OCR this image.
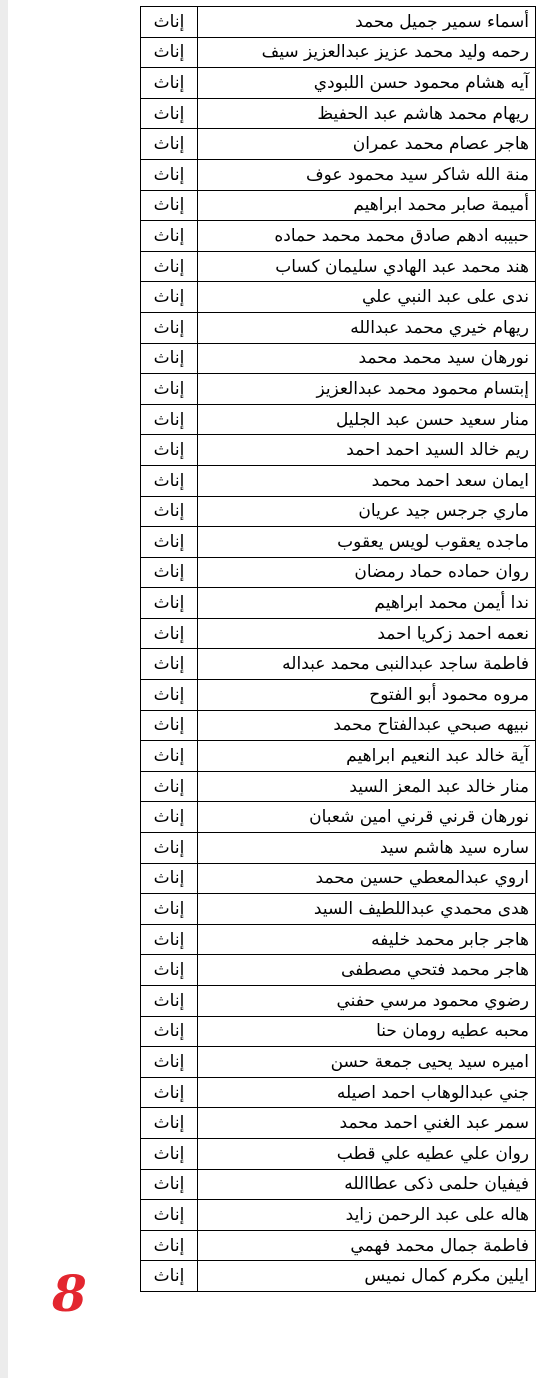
إناث	أسماء سمير جميل محمد
إناث	رحمه وليد محمد عزيز عبدالعزيز سيف
إناث	آيه هشام محمود حسن اللبودي
إناث	ريهام محمد هاشم عبد الحفيظ
إناث	هاجر عصام محمد عمران
إناث	منة الله شاكر سيد محمود عوف
إناث	أميمة صابر محمد ابراهيم
إناث	حبيبه ادهم صادق محمد محمد حماده
إناث	هند محمد عبد الهادي سليمان كساب
إناث	ندى على عبد النبي علي
إناث	ريهام خيري محمد عبدالله
إناث	نورهان سيد محمد محمد
إناث	إبتسام محمود محمد عبدالعزيز
إناث	منار سعيد حسن عبد الجليل
إناث	ريم خالد السيد احمد احمد
إناث	ايمان سعد احمد محمد
إناث	ماري جرجس جيد عريان
إناث	ماجده يعقوب لويس يعقوب
إناث	روان حماده حماد رمضان
إناث	ندا أيمن محمد ابراهيم
إناث	نعمه احمد زكريا احمد
إناث	فاطمة ساجد عبدالنبى محمد عبداله
إناث	مروه محمود أبو الفتوح
إناث	نبيهه صبحي عبدالفتاح محمد
إناث	آية خالد عبد النعيم ابراهيم
إناث	منار خالد عبد المعز السيد
إناث	نورهان قرني قرني امين شعبان
إناث	ساره سيد هاشم سيد
إناث	اروي عبدالمعطي حسين محمد
إناث	هدى محمدي عبداللطيف السيد
إناث	هاجر جابر محمد خليفه
إناث	هاجر محمد فتحي مصطفى
إناث	رضوي محمود مرسي حفني
إناث	محبه عطيه رومان حنا
إناث	اميره سيد يحيى جمعة حسن
إناث	جني عبدالوهاب احمد اصيله
إناث	سمر عبد الغني احمد محمد
إناث	روان علي عطيه علي قطب
إناث	فيفيان حلمى ذكى عطاالله
إناث	هاله على عبد الرحمن زايد
إناث	فاطمة جمال محمد فهمي
إناث	ايلين مكرم كمال نميس
8
